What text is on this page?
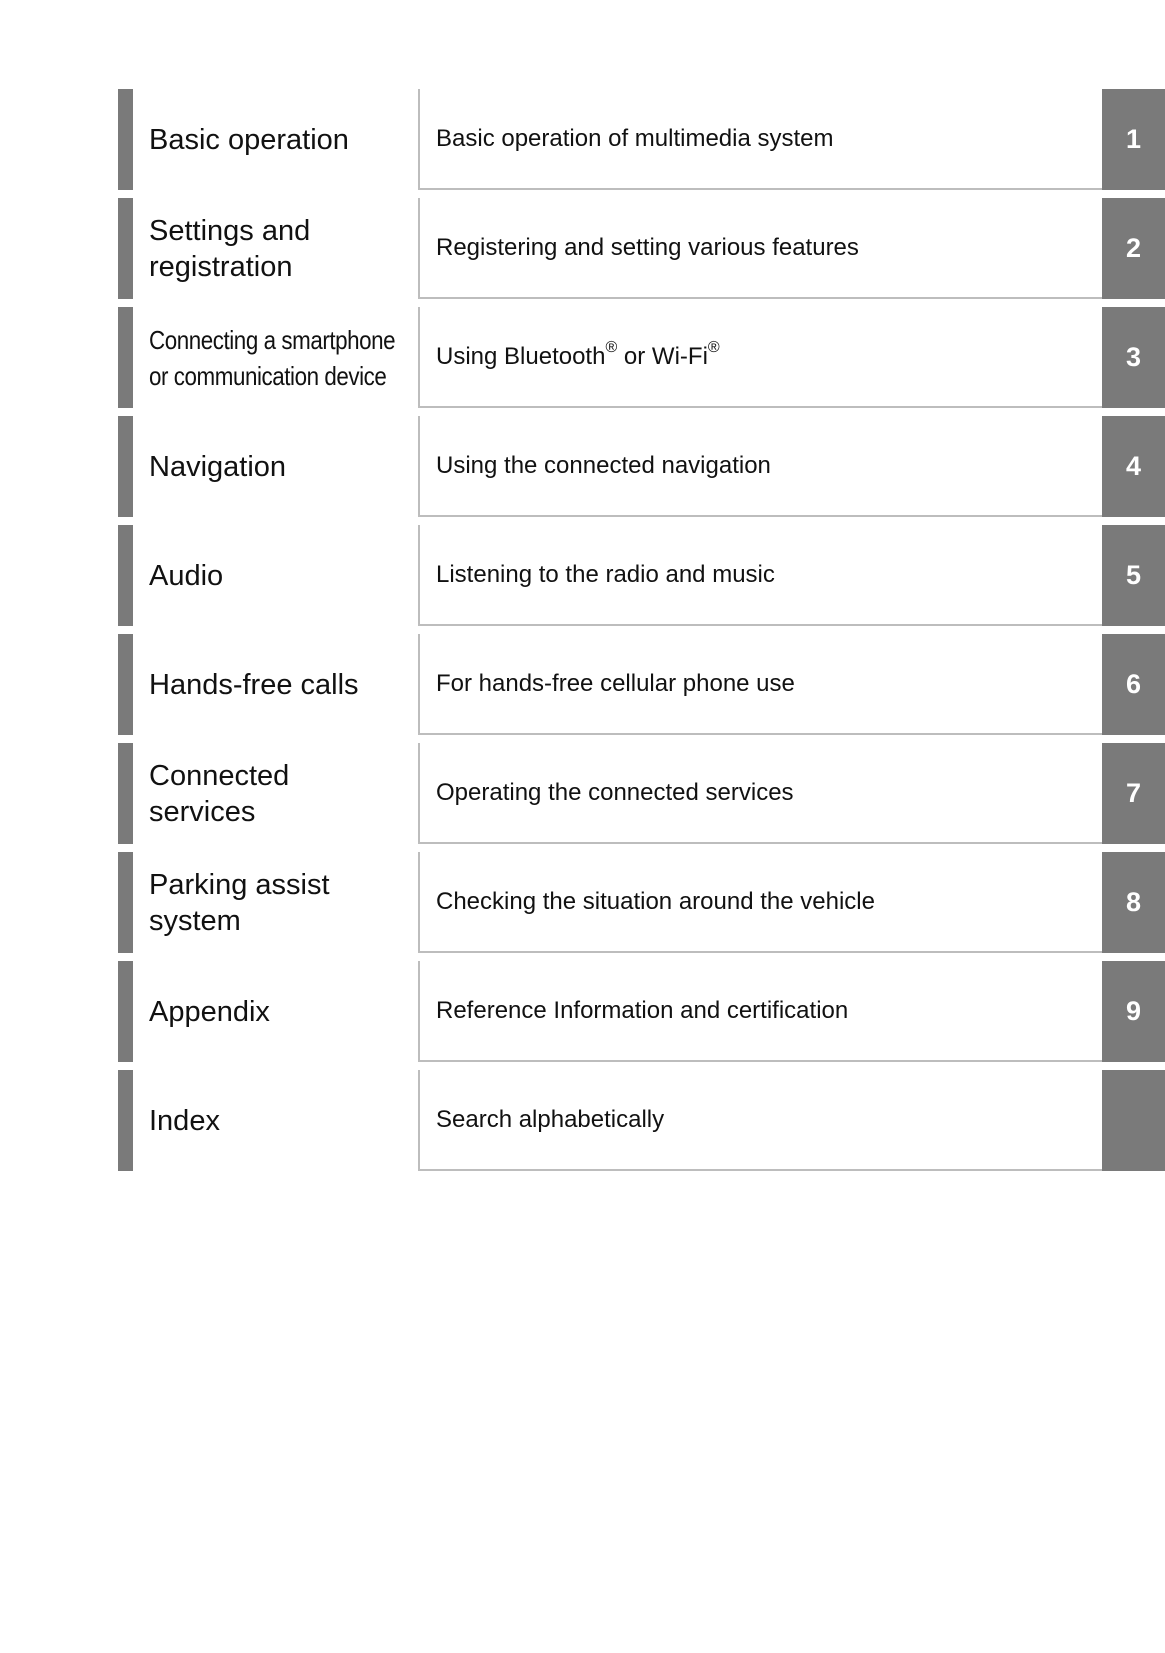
Basic operation	Basic operation of multimedia system	1
Settings and
registration
Registering and setting various features	2
Connecting a smartphone
or communication device
Using Bluetooth® or Wi-Fi®	3
Navigation	Using the connected navigation	4
Audio	Listening to the radio and music	5
Hands-free calls	For hands-free cellular phone use	6
Connected
services
Operating the connected services	7
Parking assist
system
Checking the situation around the vehicle	8
Appendix	Reference Information and certification	9
Index	Search alphabetically
